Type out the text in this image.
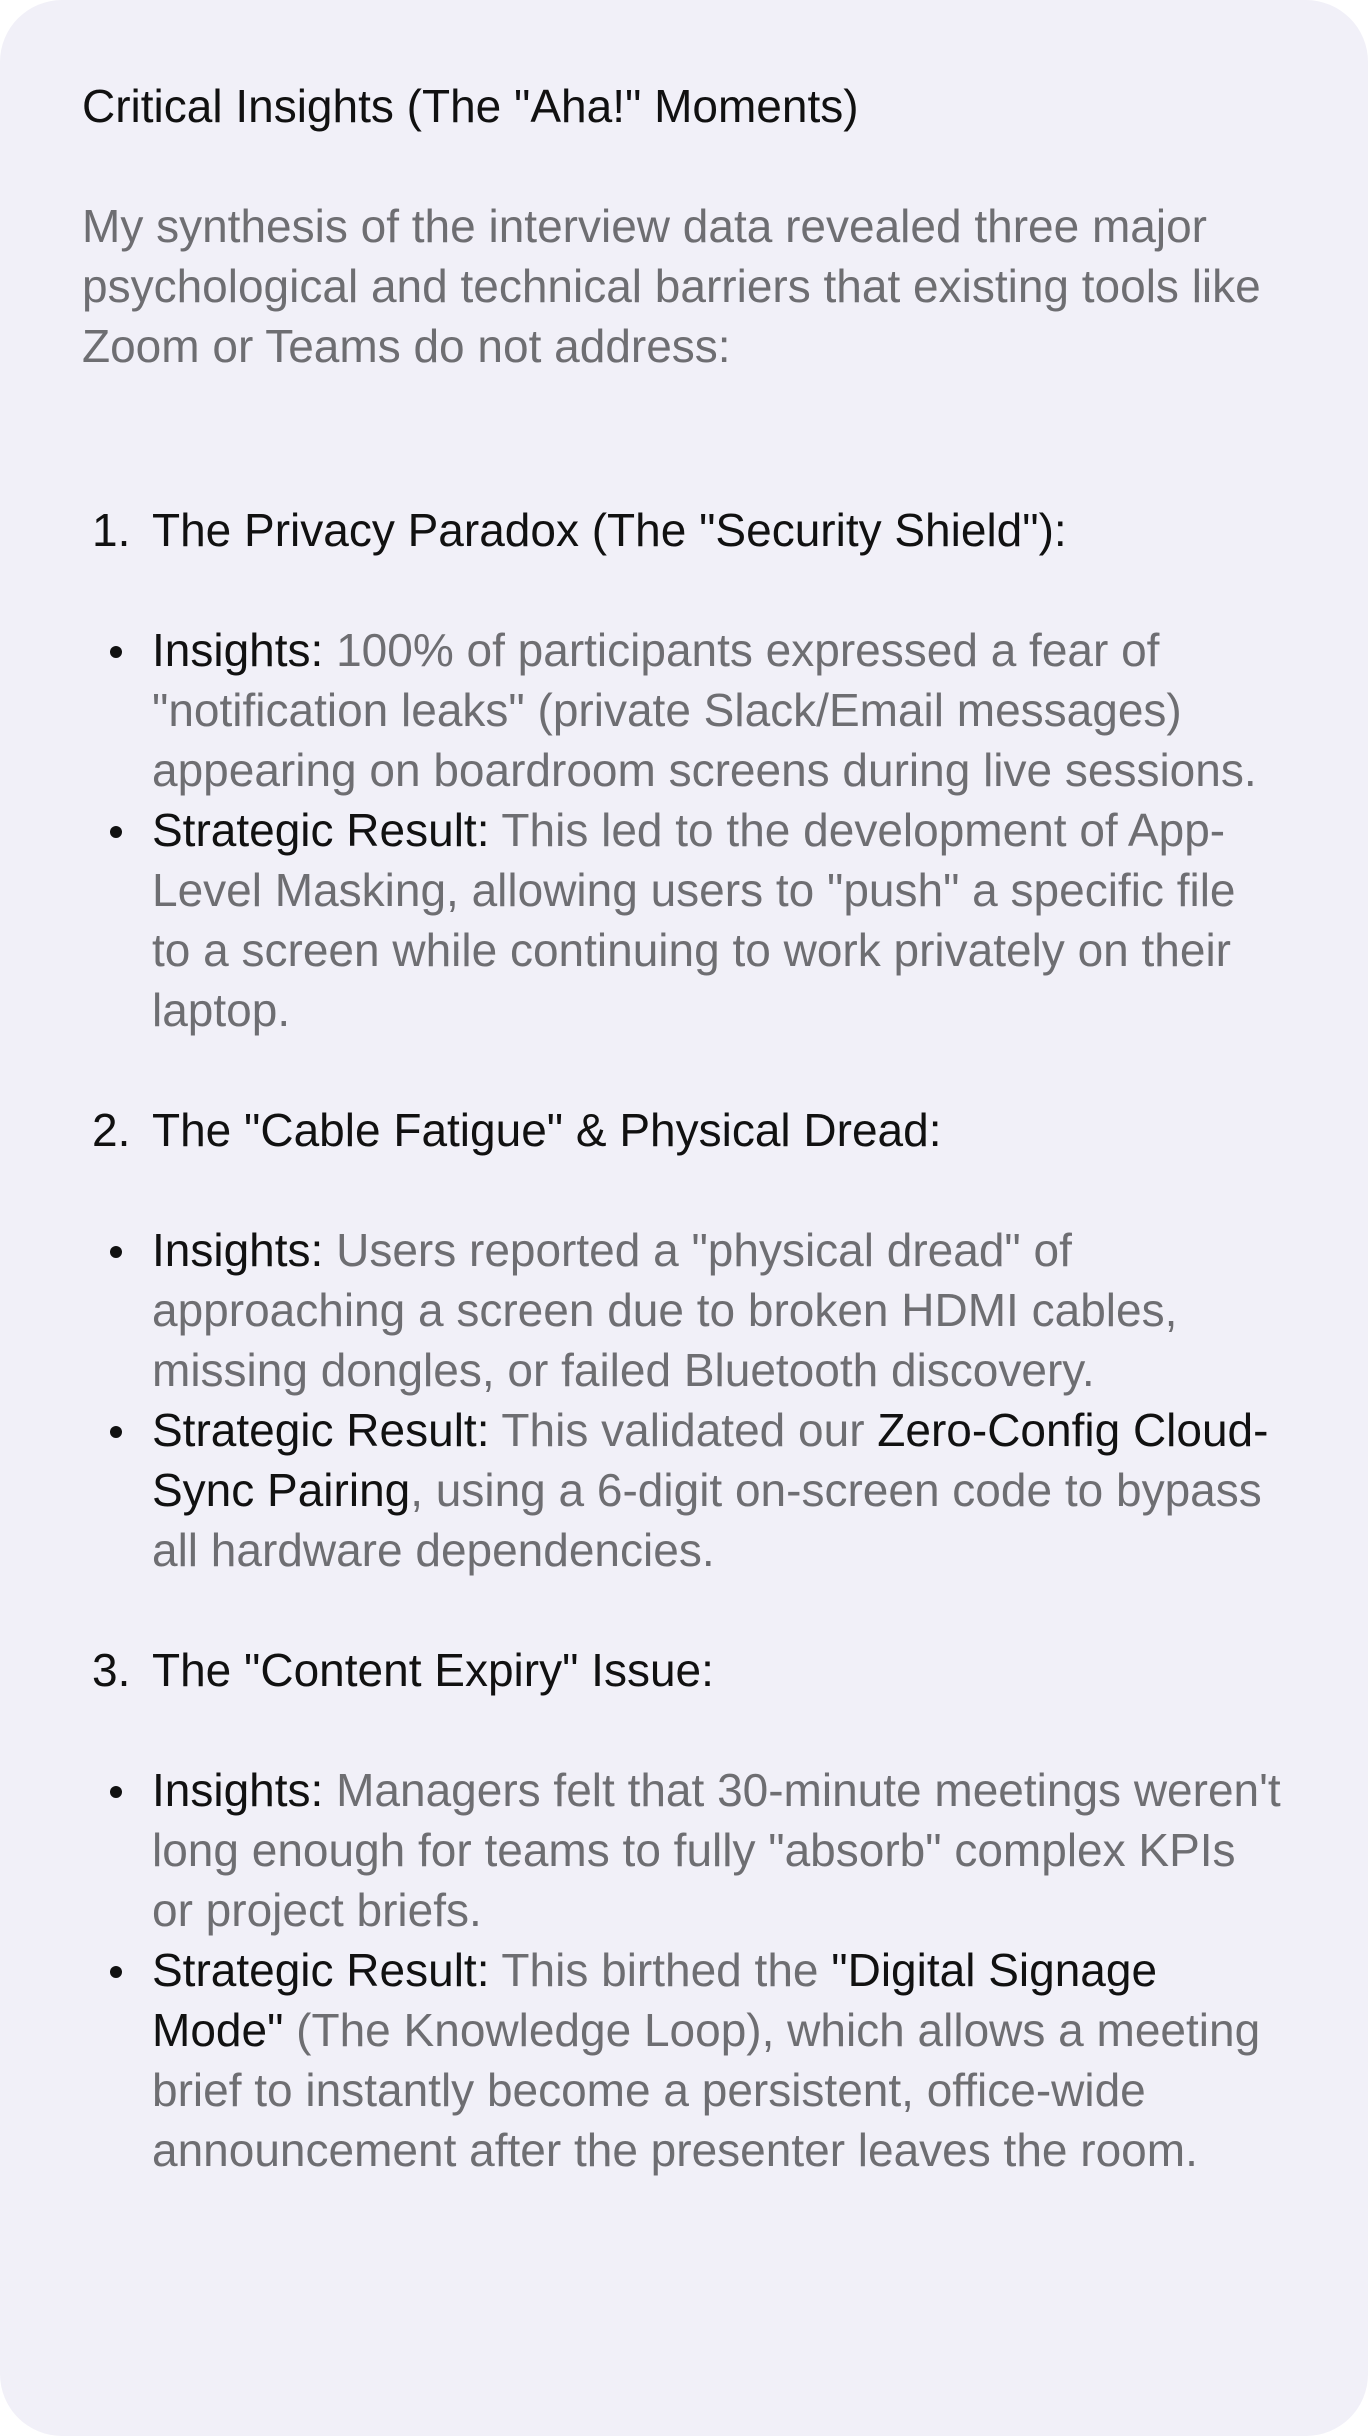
Critical Insights (The "Aha!" Moments)

My synthesis of the interview data revealed three major psychological and technical barriers that existing tools like Zoom or Teams do not address:

1. The Privacy Paradox (The "Security Shield"):
Insights: 100% of participants expressed a fear of "notification leaks" (private Slack/Email messages) appearing on boardroom screens during live sessions.
Strategic Result: This led to the development of App-Level Masking, allowing users to "push" a specific file to a screen while continuing to work privately on their laptop.
2. The "Cable Fatigue" & Physical Dread:
Insights: Users reported a "physical dread" of approaching a screen due to broken HDMI cables, missing dongles, or failed Bluetooth discovery.
Strategic Result: This validated our Zero-Config Cloud-Sync Pairing, using a 6-digit on-screen code to bypass all hardware dependencies.
3. The "Content Expiry" Issue:
Insights: Managers felt that 30-minute meetings weren't long enough for teams to fully "absorb" complex KPIs or project briefs.
Strategic Result: This birthed the "Digital Signage Mode" (The Knowledge Loop), which allows a meeting brief to instantly become a persistent, office-wide announcement after the presenter leaves the room.
